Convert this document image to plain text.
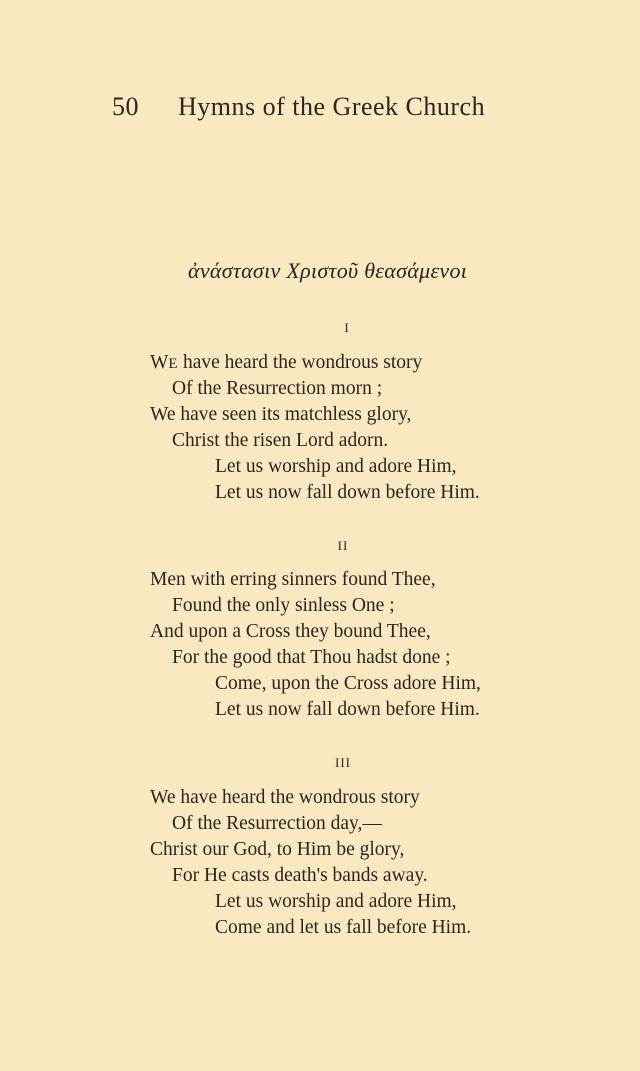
50 Hymns of the Greek Church
ἀνάστασιν Χριστοῦ θεασάμενοι
I
WE have heard the wondrous story
Of the Resurrection morn ;
We have seen its matchless glory,
Christ the risen Lord adorn.
Let us worship and adore Him,
Let us now fall down before Him.
II
Men with erring sinners found Thee,
Found the only sinless One ;
And upon a Cross they bound Thee,
For the good that Thou hadst done ;
Come, upon the Cross adore Him,
Let us now fall down before Him.
III
We have heard the wondrous story
Of the Resurrection day,—
Christ our God, to Him be glory,
For He casts death's bands away.
Let us worship and adore Him,
Come and let us fall before Him.
